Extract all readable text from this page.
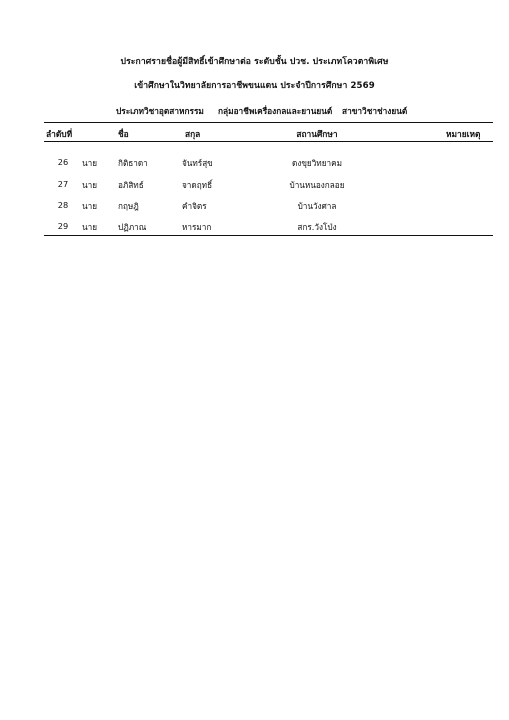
ประกาศรายชื่อผู้มีสิทธิ์เข้าศึกษาต่อ ระดับชั้น ปวช. ประเภทโควตาพิเศษ
เข้าศึกษาในวิทยาลัยการอาชีพขนแดน ประจำปีการศึกษา 2569
ประเภทวิชาอุตสาหกรรม กลุ่มอาชีพเครื่องกลและยานยนต์ สาขาวิชาช่างยนต์
ลำดับที่	ชื่อ	สกุล	สถานศึกษา	หมายเหตุ
26 นาย	กิติธาดา	จันทร์สุข	ดงขุยวิทยาคม
27 นาย	อภิสิทธ์	จาดฤทธิ์	บ้านหนองกลอย
28 นาย	กฤษฎิ	คำจิตร	บ้านวังศาล
29 นาย	ปฏิภาณ	หารมาก	สกร.วังโป่ง
